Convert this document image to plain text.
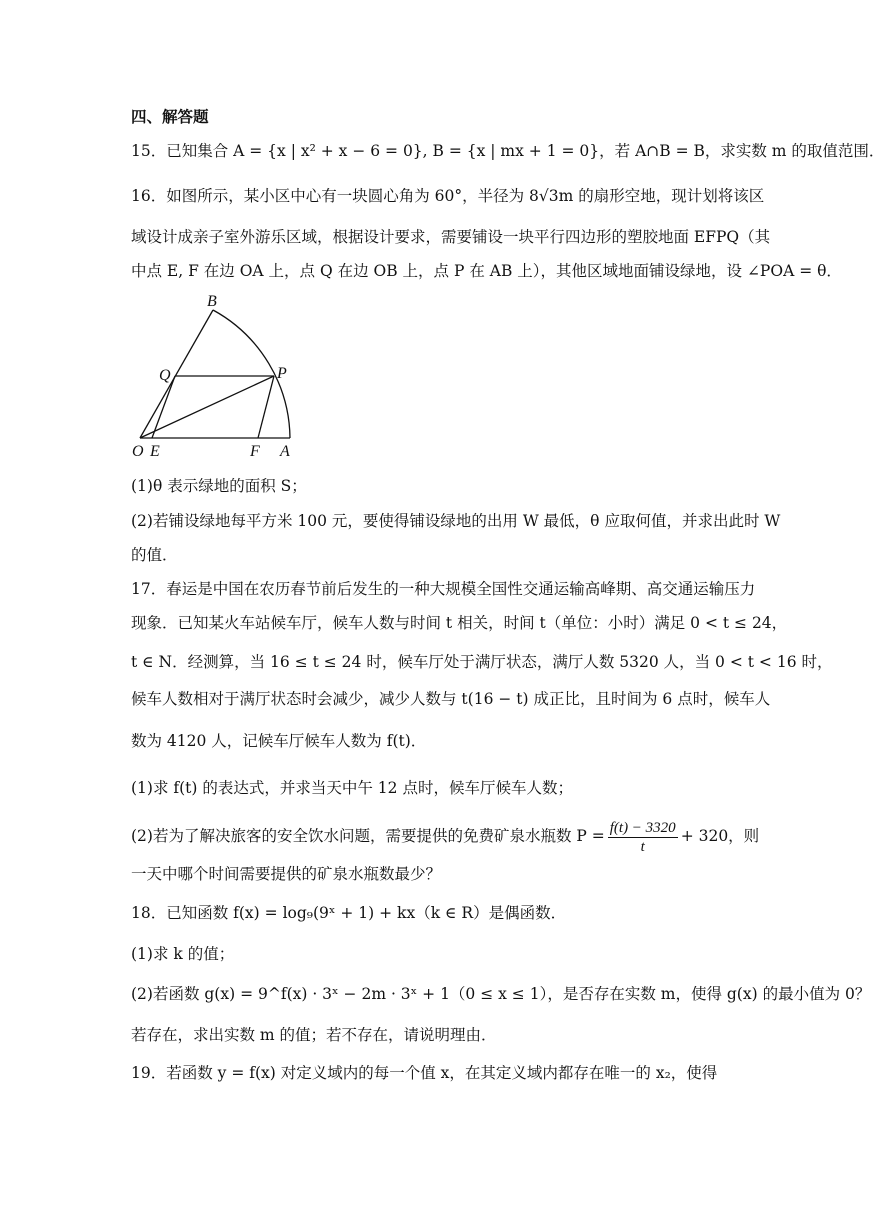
四、解答题
15．已知集合 A = {x | x² + x − 6 = 0}, B = {x | mx + 1 = 0}，若 A∩B = B，求实数 m 的取值范围．
16．如图所示，某小区中心有一块圆心角为 60°，半径为 8√3m 的扇形空地，现计划将该区
域设计成亲子室外游乐区域，根据设计要求，需要铺设一块平行四边形的塑胶地面 EFPQ（其
中点 E, F 在边 OA 上，点 Q 在边 OB 上，点 P 在 AB 上），其他区域地面铺设绿地，设 ∠POA = θ．
B
Q	P
O E	F A
(1)θ 表示绿地的面积 S；
(2)若铺设绿地每平方米 100 元，要使得铺设绿地的出用 W 最低，θ 应取何值，并求出此时 W
的值．
17．春运是中国在农历春节前后发生的一种大规模全国性交通运输高峰期、高交通运输压力
现象．已知某火车站候车厅，候车人数与时间 t 相关，时间 t（单位：小时）满足 0 < t ≤ 24，
t ∈ N．经测算，当 16 ≤ t ≤ 24 时，候车厅处于满厅状态，满厅人数 5320 人，当 0 < t < 16 时，
候车人数相对于满厅状态时会减少，减少人数与 t(16 − t) 成正比，且时间为 6 点时，候车人
数为 4120 人，记候车厅候车人数为 f(t)．
(1)求 f(t) 的表达式，并求当天中午 12 点时，候车厅候车人数；
(2)若为了解决旅客的安全饮水问题，需要提供的免费矿泉水瓶数 $P = \frac{f(t) - 3320}{t} + 320$，则
一天中哪个时间需要提供的矿泉水瓶数最少？
18．已知函数 f(x) = log₉(9ˣ + 1) + kx（k ∈ R）是偶函数．
(1)求 k 的值；
(2)若函数 g(x) = 9^f(x) · 3ˣ − 2m · 3ˣ + 1（0 ≤ x ≤ 1），是否存在实数 m，使得 g(x) 的最小值为 0？
若存在，求出实数 m 的值；若不存在，请说明理由．
19．若函数 y = f(x) 对定义域内的每一个值 x，在其定义域内都存在唯一的 x₂，使得
